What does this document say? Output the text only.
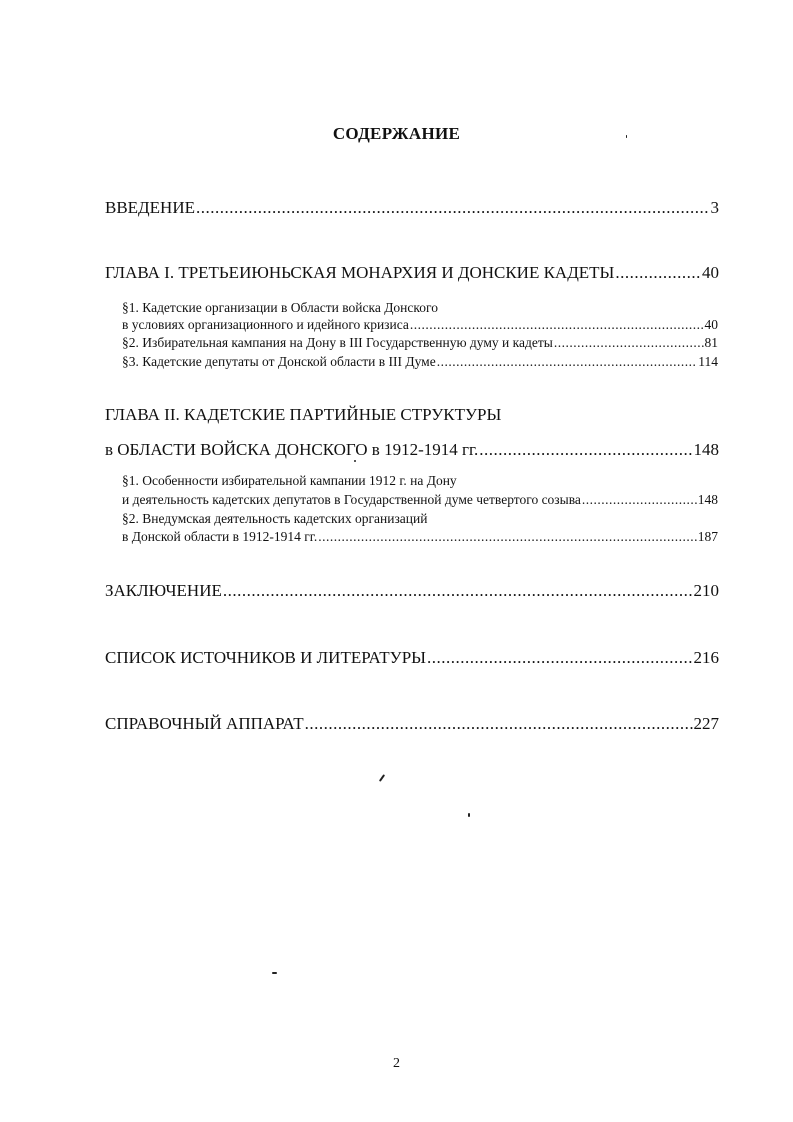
СОДЕРЖАНИЕ
ВВЕДЕНИЕ .....	3
ГЛАВА I. ТРЕТЬЕИЮНЬСКАЯ МОНАРХИЯ И ДОНСКИЕ КАДЕТЫ .....	40
§1. Кадетские организации в Области войска Донского
в условиях организационного и идейного кризиса .....	40
§2. Избирательная кампания на Дону в III Государственную думу и кадеты .....	81
§3. Кадетские депутаты от Донской области в III Думе .....	114
ГЛАВА II. КАДЕТСКИЕ ПАРТИЙНЫЕ СТРУКТУРЫ
в ОБЛАСТИ ВОЙСКА ДОНСКОГО в 1912-1914 гг. .....	148
§1. Особенности избирательной кампании 1912 г. на Дону
и деятельность кадетских депутатов в Государственной думе четвертого созыва .....	148
§2. Внедумская деятельность кадетских организаций
в Донской области в 1912-1914 гг. .....	187
ЗАКЛЮЧЕНИЕ .....	210
СПИСОК ИСТОЧНИКОВ И ЛИТЕРАТУРЫ .....	216
СПРАВОЧНЫЙ АППАРАТ .....	227
2
